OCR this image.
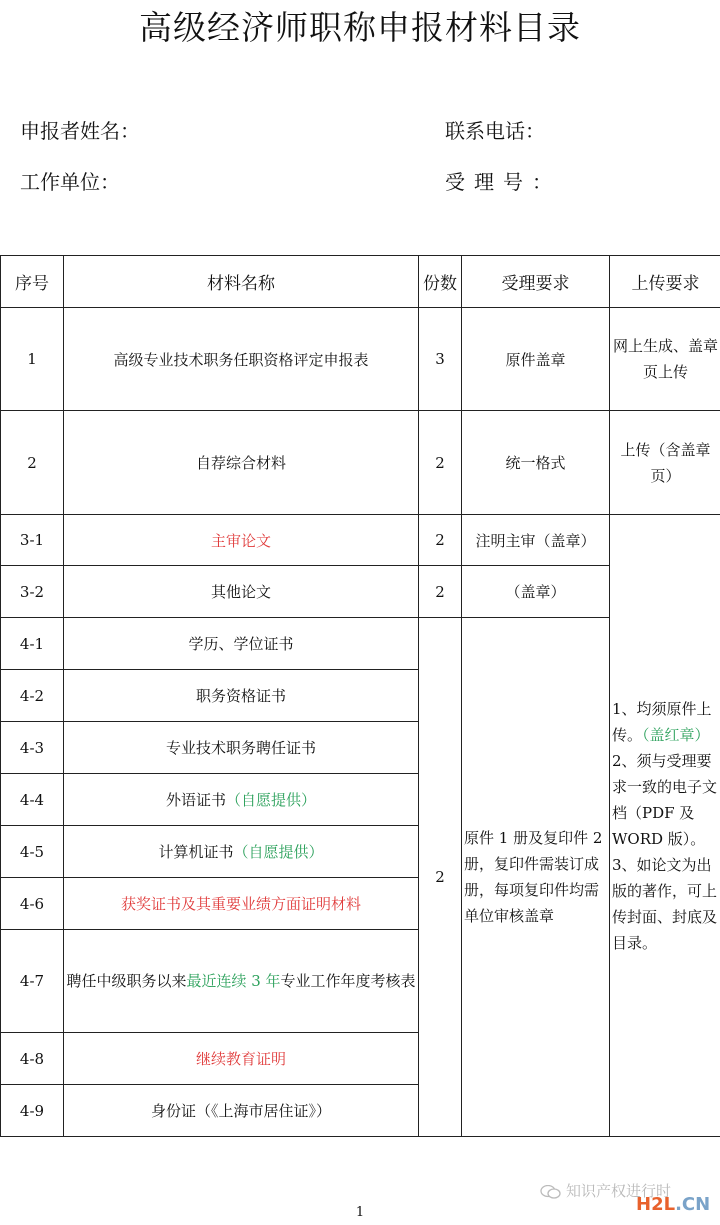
高级经济师职称申报材料目录
申报者姓名：	联系电话：
工作单位：	受理号：
序号	材料名称	份数	受理要求	上传要求
1	高级专业技术职务任职资格评定申报表	3	原件盖章	网上生成、盖章页上传
2	自荐综合材料	2	统一格式	上传（含盖章页）
3-1	主审论文	2	注明主审（盖章）	1、均须原件上传。（盖红章）
2、须与受理要求一致的电子文档（PDF 及 WORD 版）。
3、如论文为出版的著作，可上传封面、封底及目录。
3-2	其他论文	2	（盖章）	
4-1	学历、学位证书	2	原件 1 册及复印件 2 册，复印件需装订成册，每项复印件均需单位审核盖章	
4-2	职务资格证书			
4-3	专业技术职务聘任证书			
4-4	外语证书（自愿提供）			
4-5	计算机证书（自愿提供）			
4-6	获奖证书及其重要业绩方面证明材料			
4-7	聘任中级职务以来最近连续 3 年专业工作年度考核表			
4-8	继续教育证明			
4-9	身份证（《上海市居住证》）			
知识产权进行时
H2L.CN
1
